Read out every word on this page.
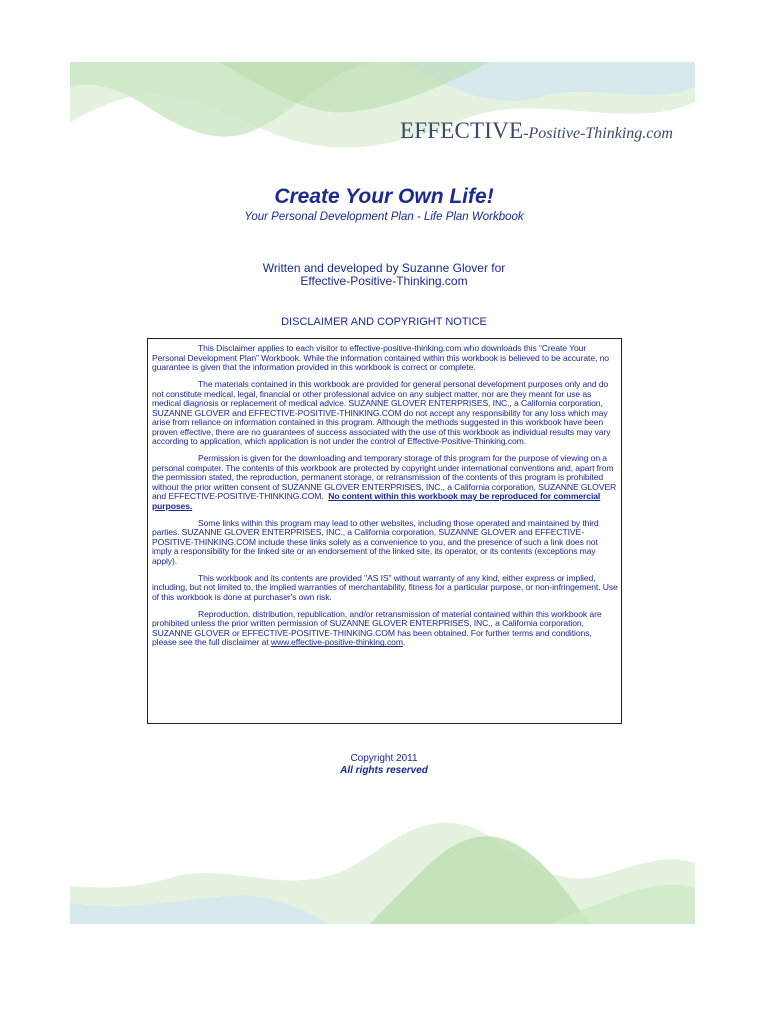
EFFECTIVE-Positive-Thinking.com
Create Your Own Life!
Your Personal Development Plan - Life Plan Workbook
Written and developed by Suzanne Glover for
Effective-Positive-Thinking.com
DISCLAIMER AND COPYRIGHT NOTICE

This Disclaimer applies to each visitor to effective-positive-thinking.com who downloads this “Create Your Personal Development Plan” Workbook. While the information contained within this workbook is believed to be accurate, no guarantee is given that the information provided in this workbook is correct or complete.

The materials contained in this workbook are provided for general personal development purposes only and do not constitute medical, legal, financial or other professional advice on any subject matter, nor are they meant for use as medical diagnosis or replacement of medical advice. SUZANNE GLOVER ENTERPRISES, INC., a California corporation, SUZANNE GLOVER and EFFECTIVE-POSITIVE-THINKING.COM do not accept any responsibility for any loss which may arise from reliance on information contained in this program. Although the methods suggested in this workbook have been proven effective, there are no guarantees of success associated with the use of this workbook as individual results may vary according to application, which application is not under the control of Effective-Positive-Thinking.com.

Permission is given for the downloading and temporary storage of this program for the purpose of viewing on a personal computer. The contents of this workbook are protected by copyright under international conventions and, apart from the permission stated, the reproduction, permanent storage, or retransmission of the contents of this program is prohibited without the prior written consent of SUZANNE GLOVER ENTERPRISES, INC., a California corporation, SUZANNE GLOVER and EFFECTIVE-POSITIVE-THINKING.COM. No content within this workbook may be reproduced for commercial purposes.

Some links within this program may lead to other websites, including those operated and maintained by third parties. SUZANNE GLOVER ENTERPRISES, INC., a California corporation, SUZANNE GLOVER and EFFECTIVE-POSITIVE-THINKING.COM include these links solely as a convenience to you, and the presence of such a link does not imply a responsibility for the linked site or an endorsement of the linked site, its operator, or its contents (exceptions may apply).

This workbook and its contents are provided "AS IS" without warranty of any kind, either express or implied, including, but not limited to, the implied warranties of merchantability, fitness for a particular purpose, or non-infringement. Use of this workbook is done at purchaser's own risk.

Reproduction, distribution, republication, and/or retransmission of material contained within this workbook are prohibited unless the prior written permission of SUZANNE GLOVER ENTERPRISES, INC., a California corporation, SUZANNE GLOVER or EFFECTIVE-POSITIVE-THINKING.COM has been obtained. For further terms and conditions, please see the full disclaimer at www.effective-positive-thinking.com.

Copyright 2011
All rights reserved
